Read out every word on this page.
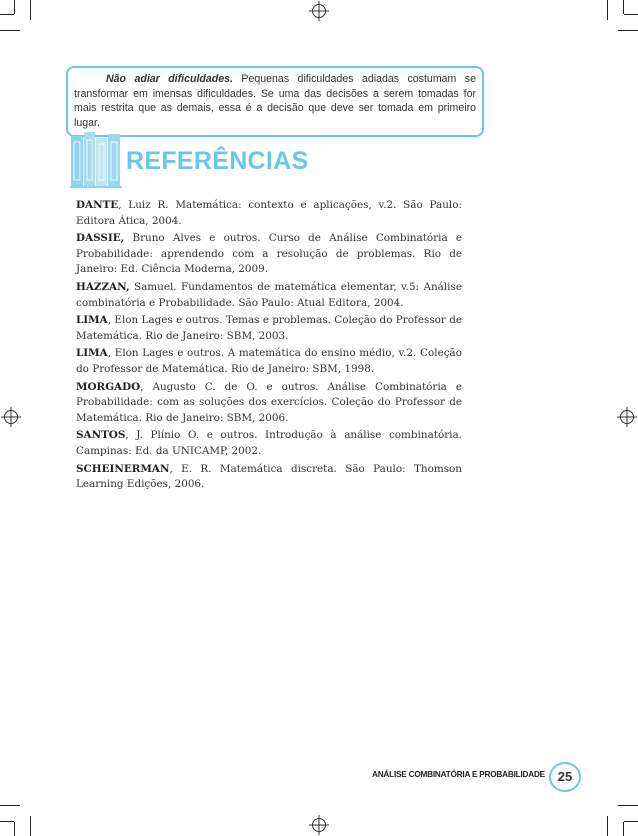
Não adiar dificuldades. Pequenas dificuldades adiadas costumam se transformar em imensas dificuldades. Se uma das decisões a serem tomadas for mais restrita que as demais, essa é a decisão que deve ser tomada em primeiro lugar.
REFERÊNCIAS
DANTE, Luiz R. Matemática: contexto e aplicações, v.2. São Paulo: Editora Ática, 2004.
DASSIE, Bruno Alves e outros. Curso de Análise Combinatória e Probabilidade: aprendendo com a resolução de problemas. Rio de Janeiro: Ed. Ciência Moderna, 2009.
HAZZAN, Samuel. Fundamentos de matemática elementar, v.5: Análise combinatória e Probabilidade. São Paulo: Atual Editora, 2004.
LIMA, Elon Lages e outros. Temas e problemas. Coleção do Professor de Matemática. Rio de Janeiro: SBM, 2003.
LIMA, Elon Lages e outros. A matemática do ensino médio, v.2. Coleção do Professor de Matemática. Rio de Janeiro: SBM, 1998.
MORGADO, Augusto C. de O. e outros. Análise Combinatória e Probabilidade: com as soluções dos exercícios. Coleção do Professor de Matemática. Rio de Janeiro: SBM, 2006.
SANTOS, J. Plínio O. e outros. Introdução à análise combinatória. Campinas: Ed. da UNICAMP, 2002.
SCHEINERMAN, E. R. Matemática discreta. São Paulo: Thomson Learning Edições, 2006.
ANÁLISE COMBINATÓRIA E PROBABILIDADE 25
